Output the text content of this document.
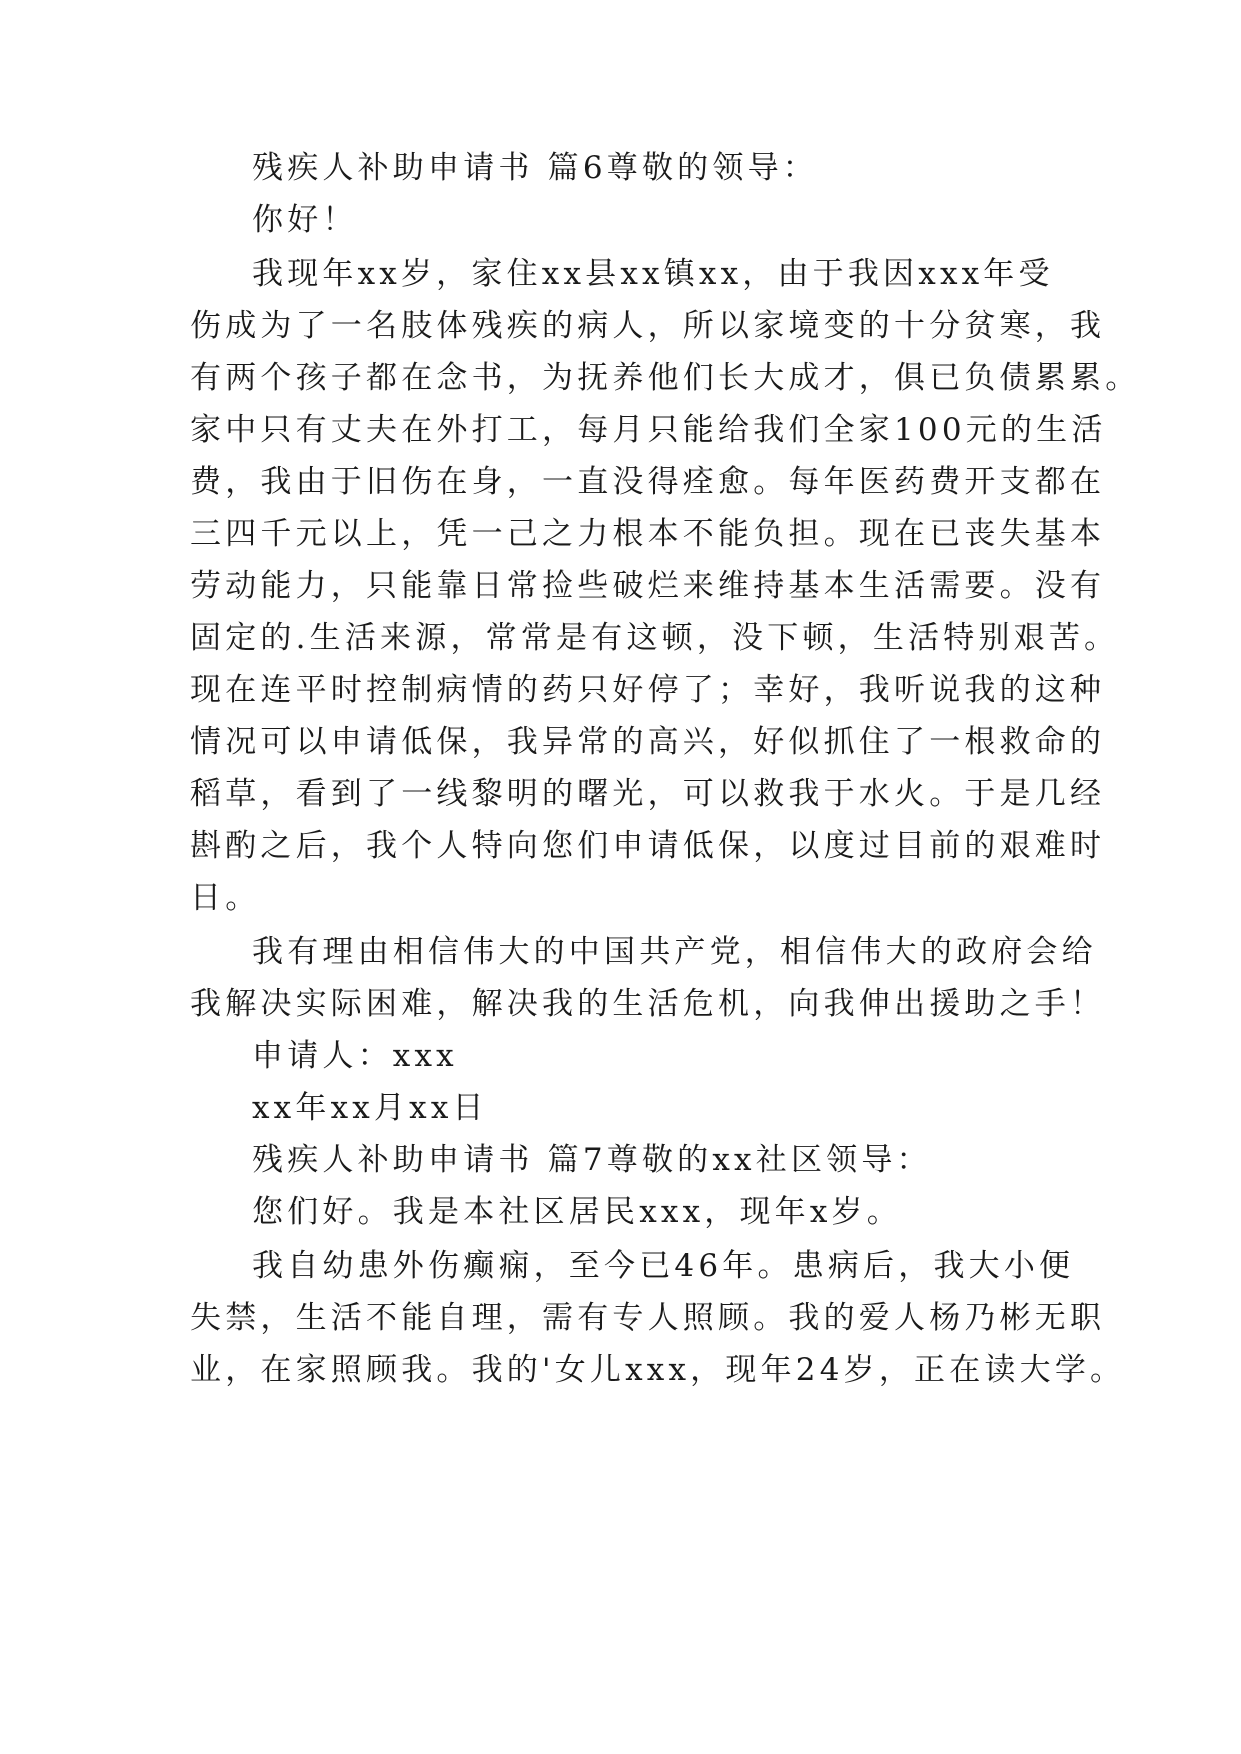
残疾人补助申请书 篇6尊敬的领导：
你好！
我现年xx岁，家住xx县xx镇xx，由于我因xxx年受
伤成为了一名肢体残疾的病人，所以家境变的十分贫寒，我
有两个孩子都在念书，为抚养他们长大成才，俱已负债累累。
家中只有丈夫在外打工，每月只能给我们全家100元的生活
费，我由于旧伤在身，一直没得痊愈。每年医药费开支都在
三四千元以上，凭一己之力根本不能负担。现在已丧失基本
劳动能力，只能靠日常捡些破烂来维持基本生活需要。没有
固定的.生活来源，常常是有这顿，没下顿，生活特别艰苦。
现在连平时控制病情的药只好停了；幸好，我听说我的这种
情况可以申请低保，我异常的高兴，好似抓住了一根救命的
稻草，看到了一线黎明的曙光，可以救我于水火。于是几经
斟酌之后，我个人特向您们申请低保，以度过目前的艰难时
日。
我有理由相信伟大的中国共产党，相信伟大的政府会给
我解决实际困难，解决我的生活危机，向我伸出援助之手！
申请人：xxx
xx年xx月xx日
残疾人补助申请书 篇7尊敬的xx社区领导：
您们好。我是本社区居民xxx，现年x岁。
我自幼患外伤癫痫，至今已46年。患病后，我大小便
失禁，生活不能自理，需有专人照顾。我的爱人杨乃彬无职
业，在家照顾我。我的'女儿xxx，现年24岁，正在读大学。
